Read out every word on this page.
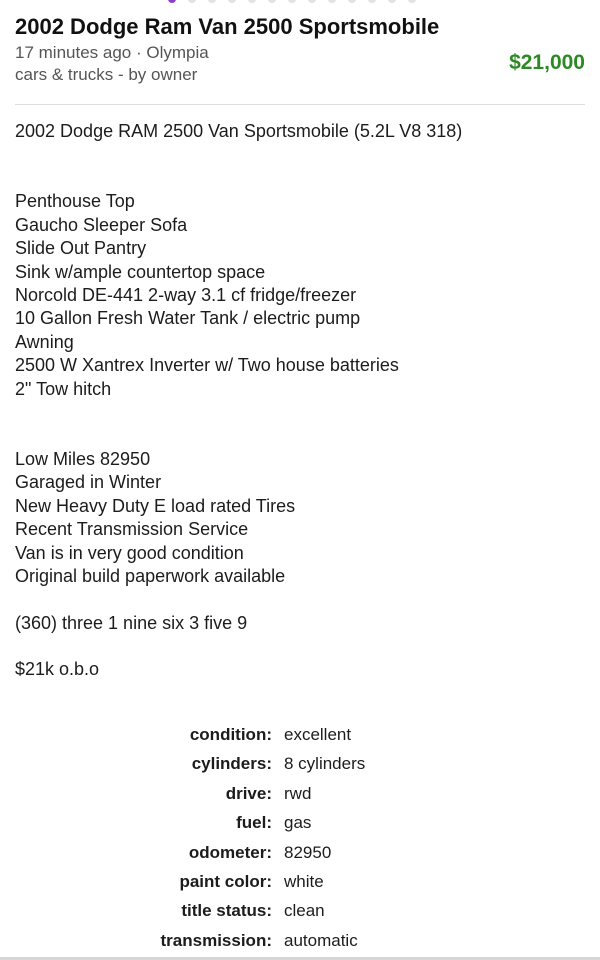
2002 Dodge Ram Van 2500 Sportsmobile
17 minutes ago · Olympia
cars & trucks - by owner
$21,000
2002 Dodge RAM 2500 Van Sportsmobile (5.2L V8 318)
Penthouse Top
Gaucho Sleeper Sofa
Slide Out Pantry
Sink w/ample countertop space
Norcold DE-441 2-way 3.1 cf fridge/freezer
10 Gallon Fresh Water Tank / electric pump
Awning
2500 W Xantrex Inverter w/ Two house batteries
2" Tow hitch
Low Miles 82950
Garaged in Winter
New Heavy Duty E load rated Tires
Recent Transmission Service
Van is in very good condition
Original build paperwork available
(360) three 1 nine six 3 five 9
$21k o.b.o
condition: excellent
cylinders: 8 cylinders
drive: rwd
fuel: gas
odometer: 82950
paint color: white
title status: clean
transmission: automatic
